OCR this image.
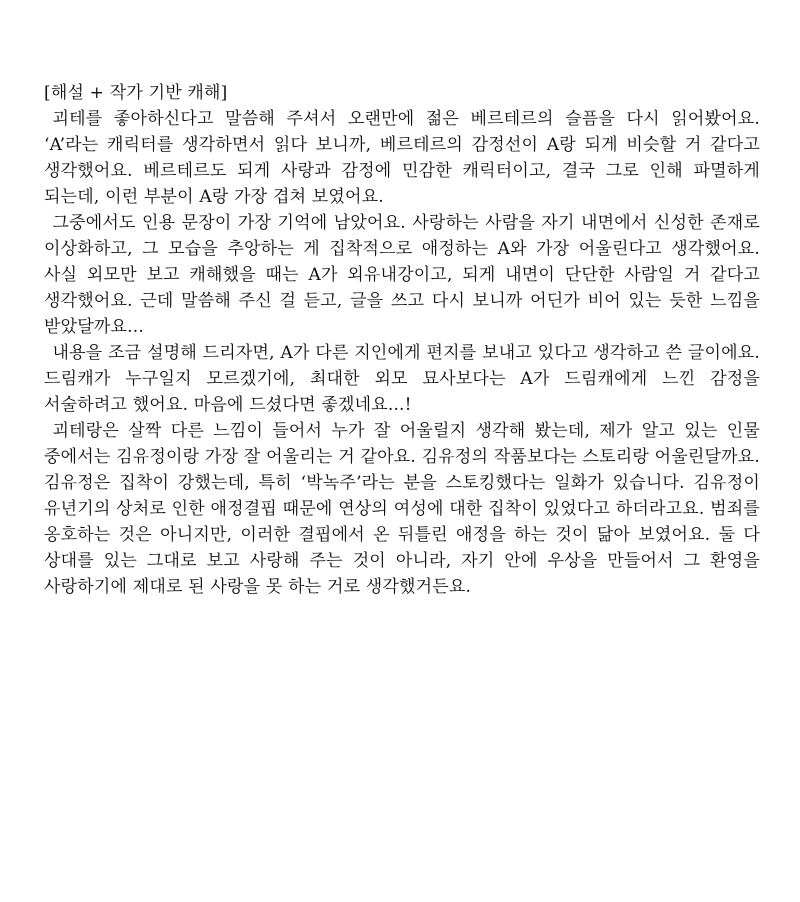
[해설 + 작가 기반 캐해]

괴테를 좋아하신다고 말씀해 주셔서 오랜만에 젊은 베르테르의 슬픔을 다시 읽어봤어요. ‘A’라는 캐릭터를 생각하면서 읽다 보니까, 베르테르의 감정선이 A랑 되게 비슷할 거 같다고 생각했어요. 베르테르도 되게 사랑과 감정에 민감한 캐릭터이고, 결국 그로 인해 파멸하게 되는데, 이런 부분이 A랑 가장 겹쳐 보였어요.

그중에서도 인용 문장이 가장 기억에 남았어요. 사랑하는 사람을 자기 내면에서 신성한 존재로 이상화하고, 그 모습을 추앙하는 게 집착적으로 애정하는 A와 가장 어울린다고 생각했어요. 사실 외모만 보고 캐해했을 때는 A가 외유내강이고, 되게 내면이 단단한 사람일 거 같다고 생각했어요. 근데 말씀해 주신 걸 듣고, 글을 쓰고 다시 보니까 어딘가 비어 있는 듯한 느낌을 받았달까요...

내용을 조금 설명해 드리자면, A가 다른 지인에게 편지를 보내고 있다고 생각하고 쓴 글이에요. 드림캐가 누구일지 모르겠기에, 최대한 외모 묘사보다는 A가 드림캐에게 느낀 감정을 서술하려고 했어요. 마음에 드셨다면 좋겠네요...!

괴테랑은 살짝 다른 느낌이 들어서 누가 잘 어울릴지 생각해 봤는데, 제가 알고 있는 인물 중에서는 김유정이랑 가장 잘 어울리는 거 같아요. 김유정의 작품보다는 스토리랑 어울린달까요. 김유정은 집착이 강했는데, 특히 ‘박녹주’라는 분을 스토킹했다는 일화가 있습니다. 김유정이 유년기의 상처로 인한 애정결핍 때문에 연상의 여성에 대한 집착이 있었다고 하더라고요. 범죄를 옹호하는 것은 아니지만, 이러한 결핍에서 온 뒤틀린 애정을 하는 것이 닮아 보였어요. 둘 다 상대를 있는 그대로 보고 사랑해 주는 것이 아니라, 자기 안에 우상을 만들어서 그 환영을 사랑하기에 제대로 된 사랑을 못 하는 거로 생각했거든요.
